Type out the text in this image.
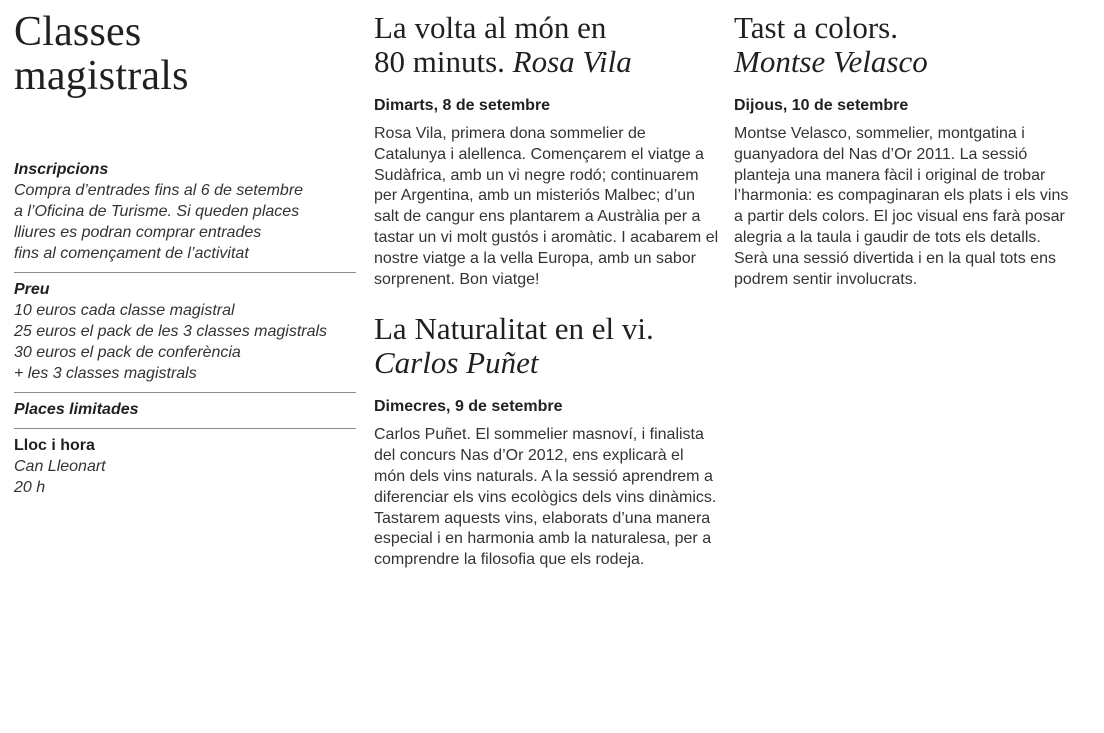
Classes
magistrals
Inscripcions
Compra d’entrades fins al 6 de setembre
a l’Oficina de Turisme. Si queden places
lliures es podran comprar entrades
fins al començament de l’activitat
Preu
10 euros cada classe magistral
25 euros el pack de les 3 classes magistrals
30 euros el pack de conferència
+ les 3 classes magistrals
Places limitades
Lloc i hora
Can Lleonart
20 h
La volta al món en
80 minuts. Rosa Vila
Dimarts, 8 de setembre

Rosa Vila, primera dona sommelier de Catalunya i alellenca. Començarem el viatge a Sudàfrica, amb un vi negre rodó; continuarem per Argentina, amb un misteriós Malbec; d’un salt de cangur ens plantarem a Austràlia per a tastar un vi molt gustós i aromàtic. I acabarem el nostre viatge a la vella Europa, amb un sabor sorprenent. Bon viatge!

La Naturalitat en el vi.
Carlos Puñet
Dimecres, 9 de setembre

Carlos Puñet. El sommelier masnoví, i finalista del concurs Nas d’Or 2012, ens explicarà el món dels vins naturals. A la sessió aprendrem a diferenciar els vins ecològics dels vins dinàmics. Tastarem aquests vins, elaborats d’una manera especial i en harmonia amb la naturalesa, per a comprendre la filosofia que els rodeja.

Tast a colors.
Montse Velasco
Dijous, 10 de setembre

Montse Velasco, sommelier, montgatina i guanyadora del Nas d’Or 2011. La sessió planteja una manera fàcil i original de trobar l’harmonia: es compaginaran els plats i els vins a partir dels colors. El joc visual ens farà posar alegria a la taula i gaudir de tots els detalls. Serà una sessió divertida i en la qual tots ens podrem sentir involucrats.
